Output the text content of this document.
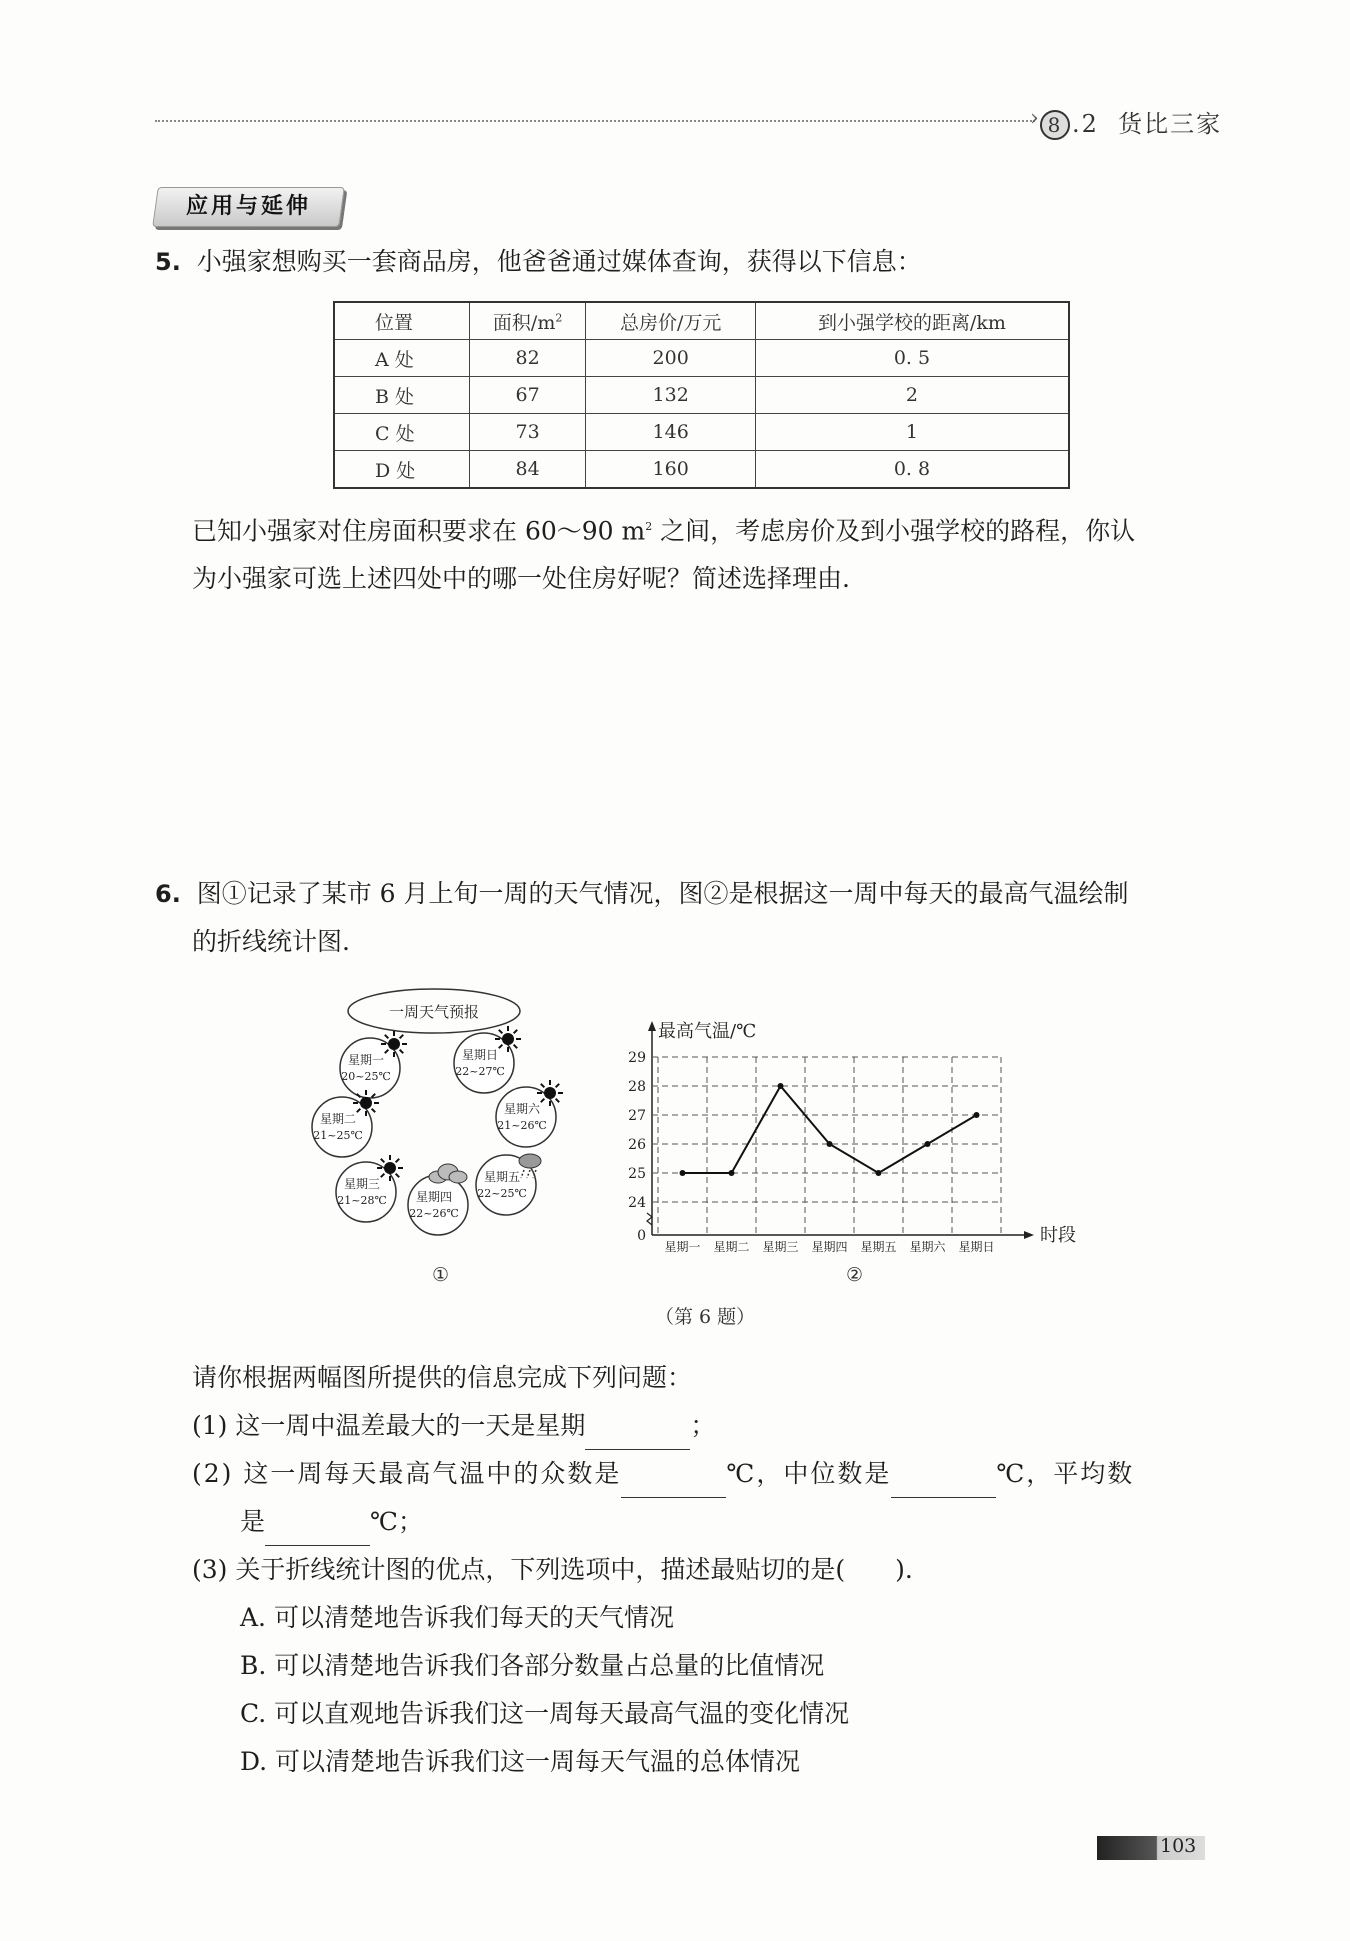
› 8 .2 货比三家
应用与延伸
5. 小强家想购买一套商品房，他爸爸通过媒体查询，获得以下信息：
位置	面积$/m^2$	总房价/万元	到小强学校的距离/km
A 处	82	200	0. 5
B 处	67	132	2
C 处	73	146	1
D 处	84	160	0. 8
已知小强家对住房面积要求在 60～90 $m^2$ 之间，考虑房价及到小强学校的路程，你认
为小强家可选上述四处中的哪一处住房好呢？简述选择理由.
6. 图①记录了某市 6 月上旬一周的天气情况，图②是根据这一周中每天的最高气温绘制
的折线统计图.
一周天气预报
星期一
20~25℃
星期二
21~25℃
星期三
21~28℃ 星期四
22~26℃
星期五
22~25℃
星期六
21~26℃
星期日
22~27℃
①
最高气温/℃
时段
0
24
25
26
27
28
29
星期一 星期二 星期三 星期四 星期五 星期六 星期日
②
（第 6 题）
请你根据两幅图所提供的信息完成下列问题：
(1) 这一周中温差最大的一天是星期	；
(2) 这一周每天最高气温中的众数是	℃，中位数是	℃，平均数
是	℃；
(3) 关于折线统计图的优点，下列选项中，描述最贴切的是(　　).
A. 可以清楚地告诉我们每天的天气情况
B. 可以清楚地告诉我们各部分数量占总量的比值情况
C. 可以直观地告诉我们这一周每天最高气温的变化情况
D. 可以清楚地告诉我们这一周每天气温的总体情况
103
